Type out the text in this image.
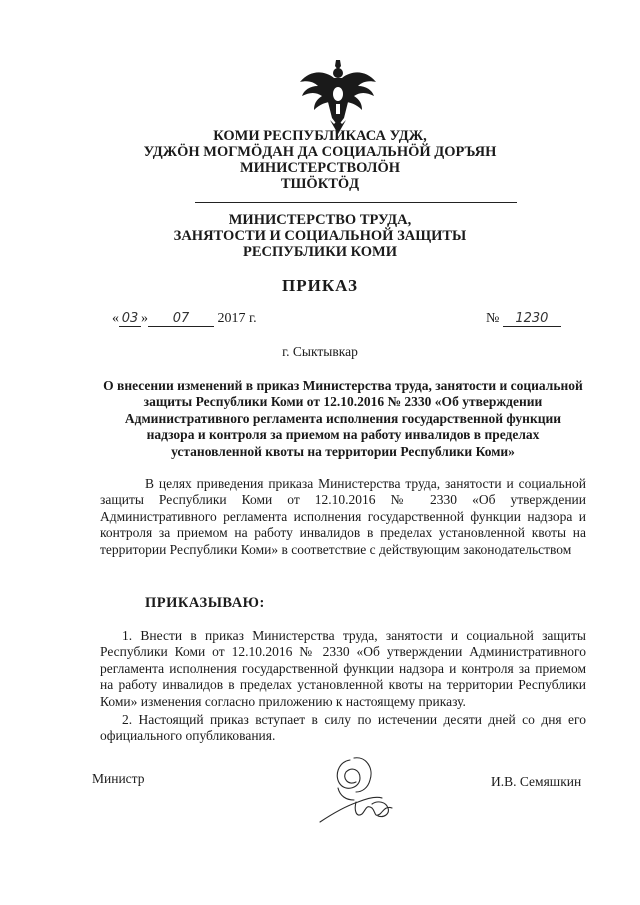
КОМИ РЕСПУБЛИКАСА УДЖ,
УДЖӦН МОГМӦДАН ДА СОЦИАЛЬНӦЙ ДОРЪЯН
МИНИСТЕРСТВОЛӦН
ТШӦКТӦД
МИНИСТЕРСТВО ТРУДА,
ЗАНЯТОСТИ И СОЦИАЛЬНОЙ ЗАЩИТЫ
РЕСПУБЛИКИ КОМИ
ПРИКАЗ
« 03 » 07 2017 г.	№ 1230
г. Сыктывкар
О внесении изменений в приказ Министерства труда, занятости и социальной защиты Республики Коми от 12.10.2016 № 2330 «Об утверждении Административного регламента исполнения государственной функции надзора и контроля за приемом на работу инвалидов в пределах установленной квоты на территории Республики Коми»
В целях приведения приказа Министерства труда, занятости и социальной защиты Республики Коми от 12.10.2016 № 2330 «Об утверждении Административного регламента исполнения государственной функции надзора и контроля за приемом на работу инвалидов в пределах установленной квоты на территории Республики Коми» в соответствие с действующим законодательством
ПРИКАЗЫВАЮ:
1. Внести в приказ Министерства труда, занятости и социальной защиты Республики Коми от 12.10.2016 № 2330 «Об утверждении Административного регламента исполнения государственной функции надзора и контроля за приемом на работу инвалидов в пределах установленной квоты на территории Республики Коми» изменения согласно приложению к настоящему приказу.
2. Настоящий приказ вступает в силу по истечении десяти дней со дня его официального опубликования.
Министр	И.В. Семяшкин
